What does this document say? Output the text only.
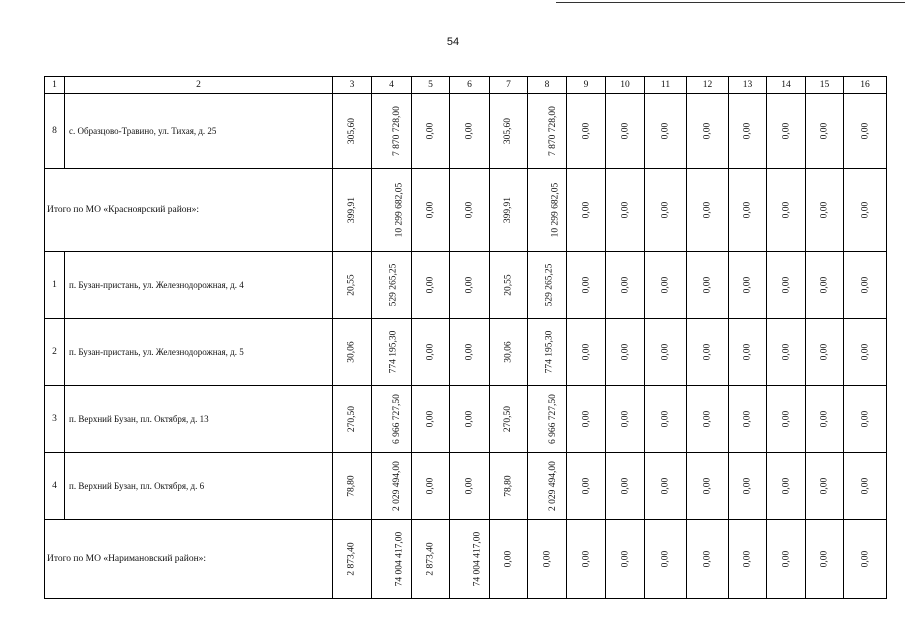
54
1	2	3	4	5	6	7	8	9	10	11	12	13	14	15	16
8	с. Образцово-Травино, ул. Тихая, д. 25	305,60	7 870 728,00	0,00	0,00	305,60	7 870 728,00	0,00	0,00	0,00	0,00	0,00	0,00	0,00	0,00
Итого по МО «Красноярский район»:		399,91	10 299 682,05	0,00	0,00	399,91	10 299 682,05	0,00	0,00	0,00	0,00	0,00	0,00	0,00	0,00
1	п. Бузан-пристань, ул. Железнодорожная, д. 4	20,55	529 265,25	0,00	0,00	20,55	529 265,25	0,00	0,00	0,00	0,00	0,00	0,00	0,00	0,00
2	п. Бузан-пристань, ул. Железнодорожная, д. 5	30,06	774 195,30	0,00	0,00	30,06	774 195,30	0,00	0,00	0,00	0,00	0,00	0,00	0,00	0,00
3	п. Верхний Бузан, пл. Октября, д. 13	270,50	6 966 727,50	0,00	0,00	270,50	6 966 727,50	0,00	0,00	0,00	0,00	0,00	0,00	0,00	0,00
4	п. Верхний Бузан, пл. Октября, д. 6	78,80	2 029 494,00	0,00	0,00	78,80	2 029 494,00	0,00	0,00	0,00	0,00	0,00	0,00	0,00	0,00
Итого по МО «Наримановский район»:		2 873,40	74 004 417,00	2 873,40	74 004 417,00	0,00	0,00	0,00	0,00	0,00	0,00	0,00	0,00	0,00	0,00
